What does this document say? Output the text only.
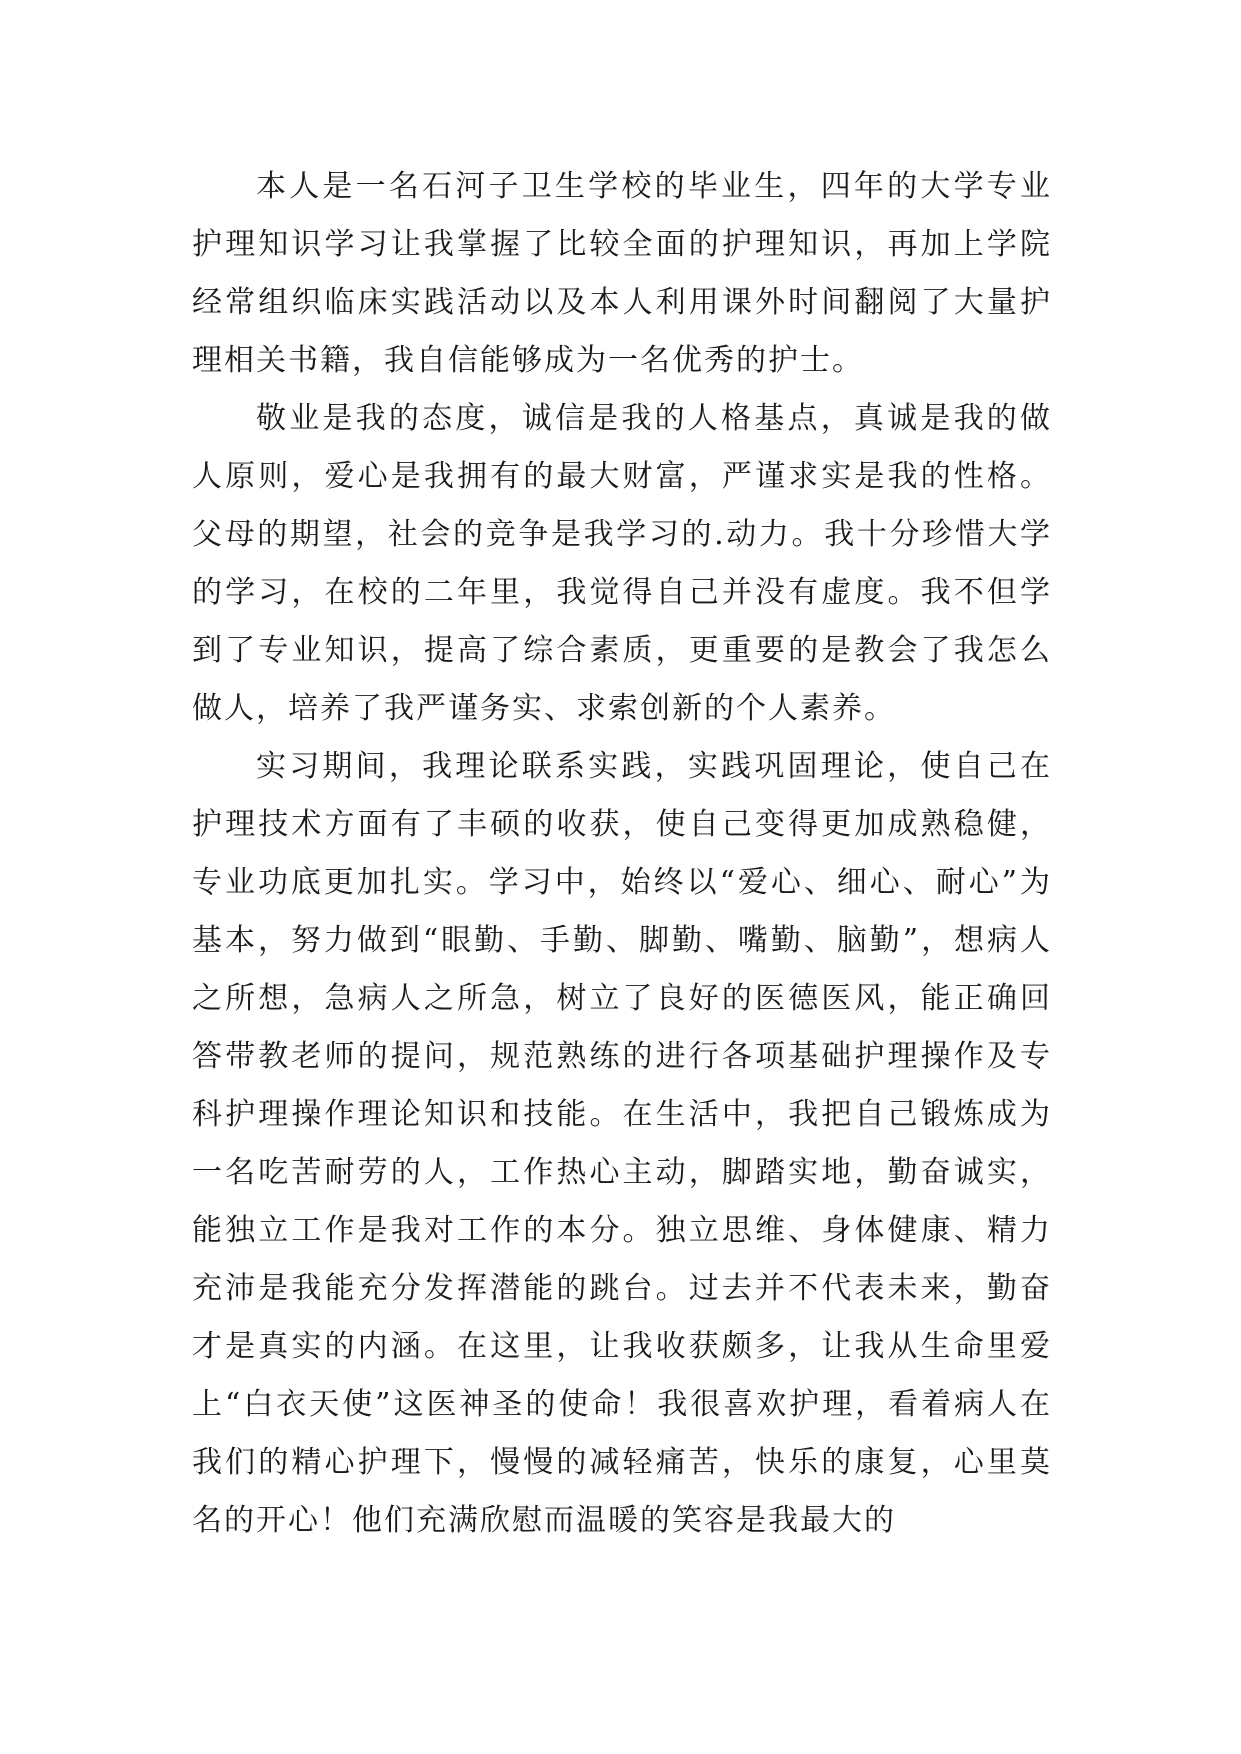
本人是一名石河子卫生学校的毕业生，四年的大学专业护理知识学习让我掌握了比较全面的护理知识，再加上学院经常组织临床实践活动以及本人利用课外时间翻阅了大量护理相关书籍，我自信能够成为一名优秀的护士。

敬业是我的态度，诚信是我的人格基点，真诚是我的做人原则，爱心是我拥有的最大财富，严谨求实是我的性格。父母的期望，社会的竞争是我学习的.动力。我十分珍惜大学的学习，在校的二年里，我觉得自己并没有虚度。我不但学到了专业知识，提高了综合素质，更重要的是教会了我怎么做人，培养了我严谨务实、求索创新的个人素养。

实习期间，我理论联系实践，实践巩固理论，使自己在护理技术方面有了丰硕的收获，使自己变得更加成熟稳健，专业功底更加扎实。学习中，始终以“爱心、细心、耐心”为基本，努力做到“眼勤、手勤、脚勤、嘴勤、脑勤”，想病人之所想，急病人之所急，树立了良好的医德医风，能正确回答带教老师的提问，规范熟练的进行各项基础护理操作及专科护理操作理论知识和技能。在生活中，我把自己锻炼成为一名吃苦耐劳的人，工作热心主动，脚踏实地，勤奋诚实，能独立工作是我对工作的本分。独立思维、身体健康、精力充沛是我能充分发挥潜能的跳台。过去并不代表未来，勤奋才是真实的内涵。在这里，让我收获颇多，让我从生命里爱上“白衣天使”这医神圣的使命！我很喜欢护理，看着病人在我们的精心护理下，慢慢的减轻痛苦，快乐的康复，心里莫名的开心！他们充满欣慰而温暖的笑容是我最大的
